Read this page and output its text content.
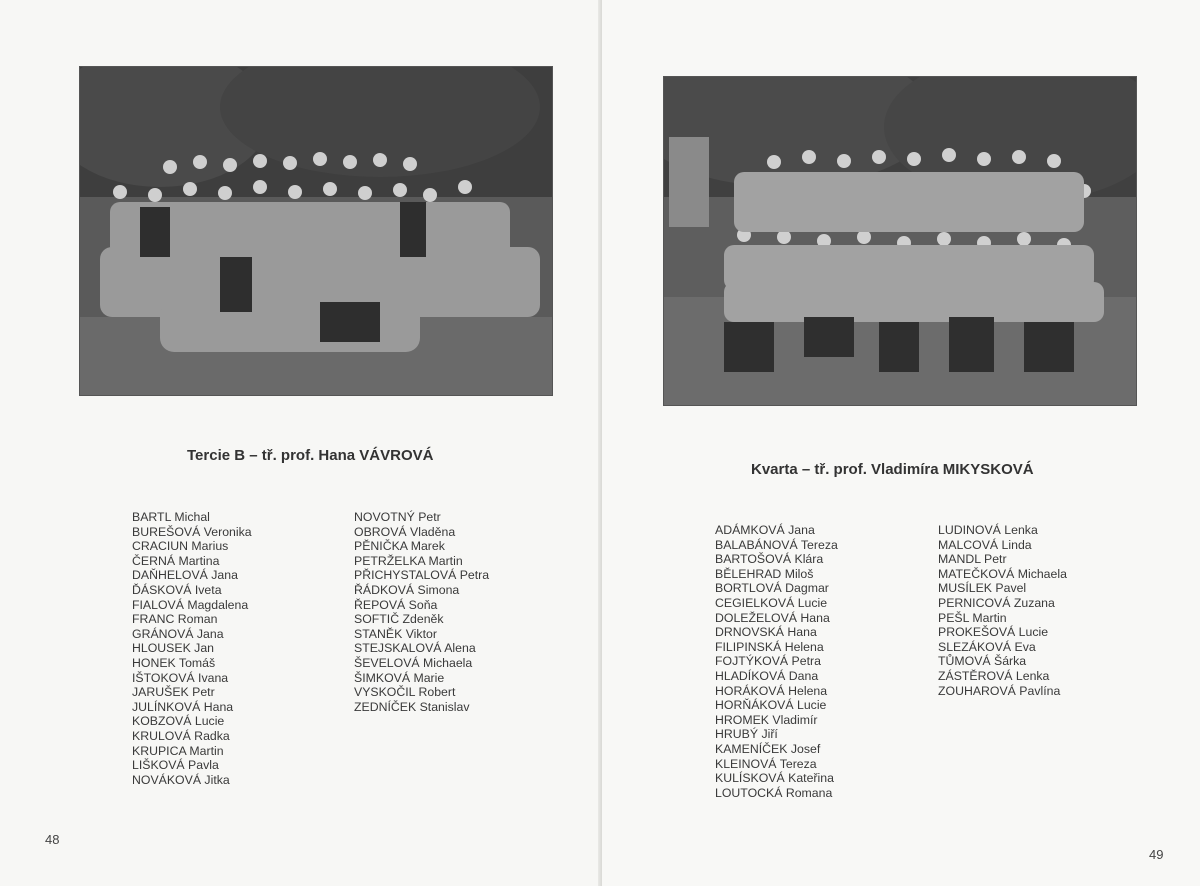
Tercie B – tř. prof. Hana VÁVROVÁ
BARTL Michal
BUREŠOVÁ Veronika
CRACIUN Marius
ČERNÁ Martina
DAŇHELOVÁ Jana
ĎÁSKOVÁ Iveta
FIALOVÁ Magdalena
FRANC Roman
GRÁNOVÁ Jana
HLOUSEK Jan
HONEK Tomáš
IŠTOKOVÁ Ivana
JARUŠEK Petr
JULÍNKOVÁ Hana
KOBZOVÁ Lucie
KRULOVÁ Radka
KRUPICA Martin
LIŠKOVÁ Pavla
NOVÁKOVÁ Jitka
NOVOTNÝ Petr
OBROVÁ Vladěna
PĚNIČKA Marek
PETRŽELKA Martin
PŘICHYSTALOVÁ Petra
ŘÁDKOVÁ Simona
ŘEPOVÁ Soňa
SOFTIČ Zdeněk
STANĚK Viktor
STEJSKALOVÁ Alena
ŠEVELOVÁ Michaela
ŠIMKOVÁ Marie
VYSKOČIL Robert
ZEDNÍČEK Stanislav
48
Kvarta – tř. prof. Vladimíra MIKYSKOVÁ
ADÁMKOVÁ Jana
BALABÁNOVÁ Tereza
BARTOŠOVÁ Klára
BĚLEHRAD Miloš
BORTLOVÁ Dagmar
CEGIELKOVÁ Lucie
DOLEŽELOVÁ Hana
DRNOVSKÁ Hana
FILIPINSKÁ Helena
FOJTÝKOVÁ Petra
HLADÍKOVÁ Dana
HORÁKOVÁ Helena
HORŇÁKOVÁ Lucie
HROMEK Vladimír
HRUBÝ Jiří
KAMENÍČEK Josef
KLEINOVÁ Tereza
KULÍSKOVÁ Kateřina
LOUTOCKÁ Romana
LUDINOVÁ Lenka
MALCOVÁ Linda
MANDL Petr
MATEČKOVÁ Michaela
MUSÍLEK Pavel
PERNICOVÁ Zuzana
PEŠL Martin
PROKEŠOVÁ Lucie
SLEZÁKOVÁ Eva
TŮMOVÁ Šárka
ZÁSTĚROVÁ Lenka
ZOUHAROVÁ Pavlína
49
